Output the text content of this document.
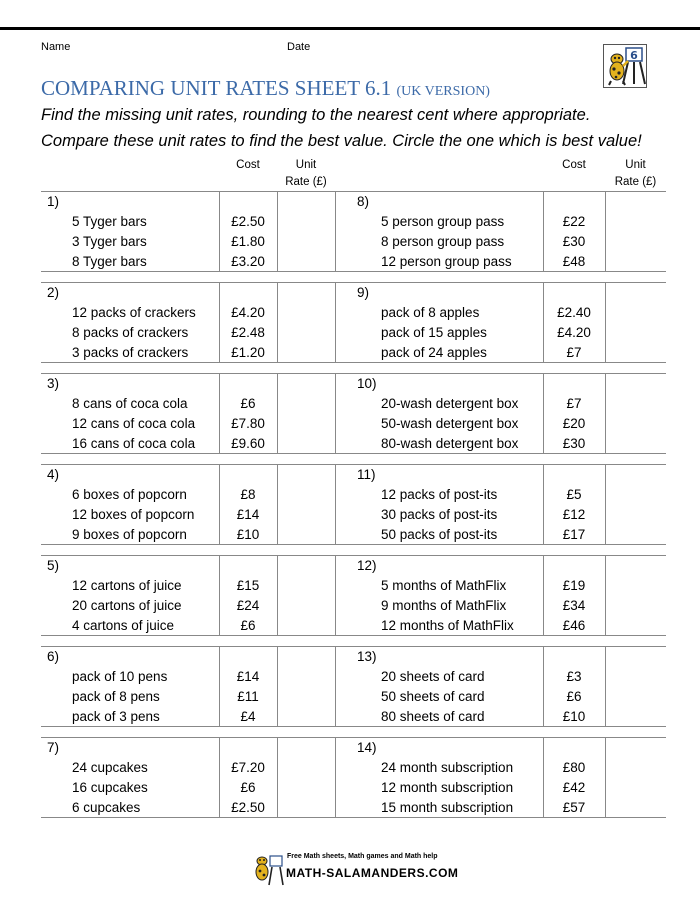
Name	Date
6
COMPARING UNIT RATES SHEET 6.1 (UK VERSION)
Find the missing unit rates, rounding to the nearest cent where appropriate.
Compare these unit rates to find the best value. Circle the one which is best value!
	Cost	Unit
Rate (£)			Cost	Unit
Rate (£)
1)				8)		
5 Tyger bars	£2.50			5 person group pass	£22	
3 Tyger bars	£1.80			8 person group pass	£30	
8 Tyger bars	£3.20			12 person group pass	£48	

2)				9)		
12 packs of crackers	£4.20			pack of 8 apples	£2.40	
8 packs of crackers	£2.48			pack of 15 apples	£4.20	
3 packs of crackers	£1.20			pack of 24 apples	£7	

3)				10)		
8 cans of coca cola	£6			20-wash detergent box	£7	
12 cans of coca cola	£7.80			50-wash detergent box	£20	
16 cans of coca cola	£9.60			80-wash detergent box	£30	

4)				11)		
6 boxes of popcorn	£8			12 packs of post-its	£5	
12 boxes of popcorn	£14			30 packs of post-its	£12	
9 boxes of popcorn	£10			50 packs of post-its	£17	

5)				12)		
12 cartons of juice	£15			5 months of MathFlix	£19	
20 cartons of juice	£24			9 months of MathFlix	£34	
4 cartons of juice	£6			12 months of MathFlix	£46	

6)				13)		
pack of 10 pens	£14			20 sheets of card	£3	
pack of 8 pens	£11			50 sheets of card	£6	
pack of 3 pens	£4			80 sheets of card	£10	

7)				14)		
24 cupcakes	£7.20			24 month subscription	£80	
16 cupcakes	£6			12 month subscription	£42	
6 cupcakes	£2.50			15 month subscription	£57	
Free Math sheets, Math games and Math help
MATH-SALAMANDERS.COM
